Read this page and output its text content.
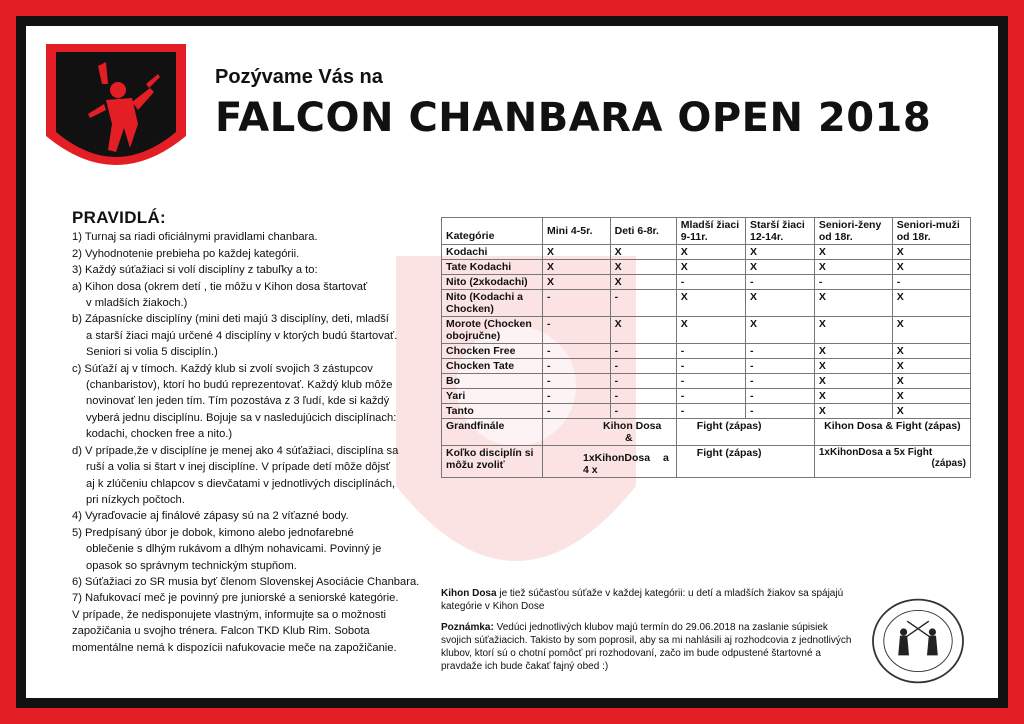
Pozývame Vás na
FALCON CHANBARA OPEN 2018
PRAVIDLÁ:
1) Turnaj sa riadi oficiálnymi pravidlami chanbara.
2) Vyhodnotenie prebieha po každej kategórii.
3) Každý súťažiaci si volí disciplíny z tabuľky a to:
a) Kihon dosa (okrem detí , tie môžu v Kihon dosa štartovať
v mladších žiakoch.)
b) Zápasnícke disciplíny (mini deti majú 3 disciplíny, deti, mladší
a starší žiaci majú určené 4 disciplíny v ktorých budú štartovať.
Seniori si volia 5 disciplín.)
c) Súťaží aj v tímoch. Každý klub si zvolí svojich 3 zástupcov
(chanbaristov), ktorí ho budú reprezentovať. Každý klub môže
novinovať len jeden tím. Tím pozostáva z 3 ľudí, kde si každý
vyberá jednu disciplínu. Bojuje sa v nasledujúcich disciplínach:
kodachi, chocken free a nito.)
d) V prípade,že v disciplíne je menej ako 4 súťažiaci, disciplína sa
ruší a volia si štart v inej disciplíne. V prípade detí môže dôjsť
aj k zlúčeniu chlapcov s dievčatami v jednotlivých disciplínách,
pri nízkych počtoch.
4) Vyraďovacie aj finálové zápasy sú na 2 víťazné body.
5) Predpísaný úbor je dobok, kimono alebo jednofarebné
oblečenie s dlhým rukávom a dlhým nohavicami. Povinný je
opasok so správnym technickým stupňom.
6) Súťažiaci zo SR musia byť členom Slovenskej Asociácie Chanbara.
7) Nafukovací meč je povinný pre juniorské a seniorské kategórie.
V prípade, že nedisponujete vlastným, informujte sa o možnosti
zapožičania u svojho trénera. Falcon TKD Klub Rim. Sobota
momentálne nemá k dispozícii nafukovacie meče na zapožičanie.
Kategórie	Mini 4-5r.	Deti 6-8r.	Mladší žiaci 9-11r.	Starší žiaci 12-14r.	Seniori-ženy od 18r.	Seniori-muži od 18r.
Kodachi	X	X	X	X	X	X
Tate Kodachi	X	X	X	X	X	X
Nito (2xkodachi)	X	X	-	-	-	-
Nito (Kodachi a Chocken)	-	-	X	X	X	X
Morote (Chocken obojručne)	-	X	X	X	X	X
Chocken Free	-	-	-	-	X	X
Chocken Tate	-	-	-	-	X	X
Bo	-	-	-	-	X	X
Yari	-	-	-	-	X	X
Tanto	-	-	-	-	X	X
Grandfinále	Kihon Dosa &		Fight (zápas)		Kihon Dosa & Fight (zápas)	
Koľko disciplín si môžu zvoliť	1xKihonDosa a 4 x		Fight (zápas)		1xKihonDosa a 5x Fight
(zápas)	

Kihon Dosa je tiež súčasťou súťaže v každej kategórii: u detí a mladších žiakov sa spájajú kategórie v Kihon Dose

Poznámka: Vedúci jednotlivých klubov majú termín do 29.06.2018 na zaslanie súpisiek svojich súťažiacich. Takisto by som poprosil, aby sa mi nahlásili aj rozhodcovia z jednotlivých klubov, ktorí sú o chotní pomôcť pri rozhodovaní, začo im bude odpustené štartovné a pravdaže ich bude čakať fajný obed :)
